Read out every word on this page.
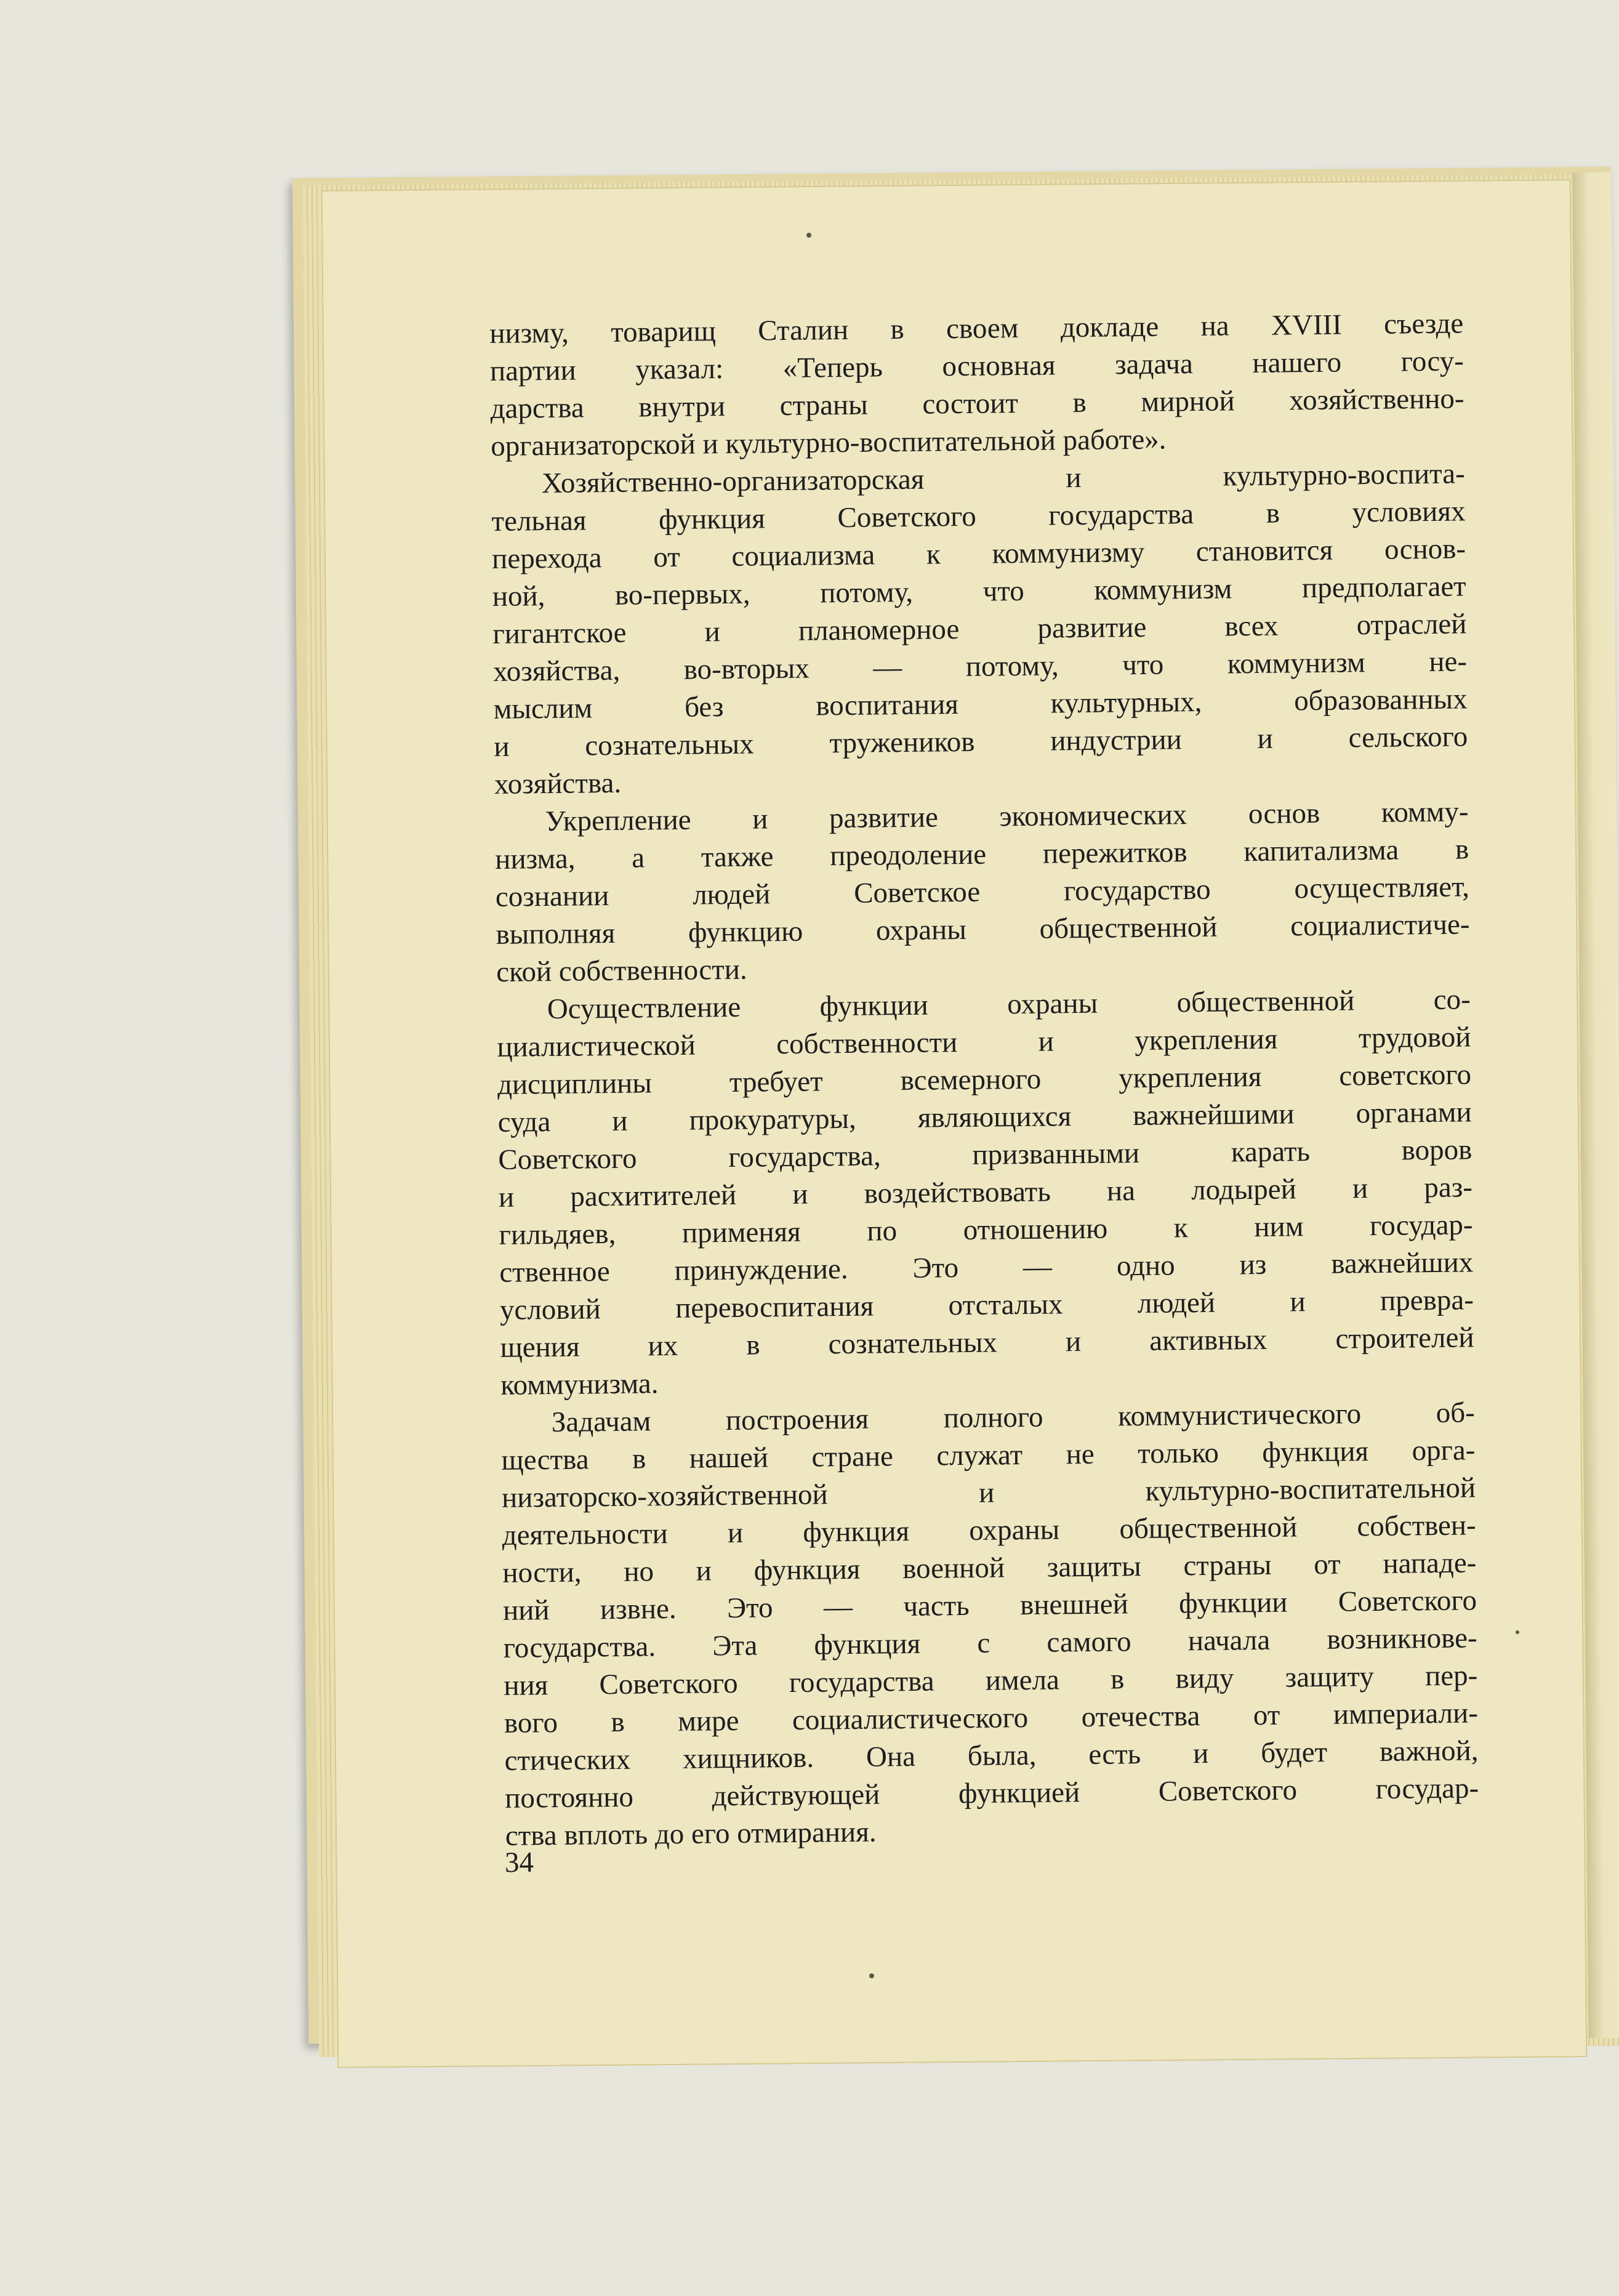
низму, товарищ Сталин в своем докладе на XVIII съезде
партии указал: «Теперь основная задача нашего госу-
дарства внутри страны состоит в мирной хозяйственно-
организаторской и культурно-воспитательной работе».
Хозяйственно-организаторская и культурно-воспита-
тельная функция Советского государства в условиях
перехода от социализма к коммунизму становится основ-
ной, во-первых, потому, что коммунизм предполагает
гигантское и планомерное развитие всех отраслей
хозяйства, во-вторых — потому, что коммунизм не-
мыслим без воспитания культурных, образованных
и сознательных тружеников индустрии и сельского
хозяйства.
Укрепление и развитие экономических основ комму-
низма, а также преодоление пережитков капитализма в
сознании людей Советское государство осуществляет,
выполняя функцию охраны общественной социалистиче-
ской собственности.
Осуществление функции охраны общественной со-
циалистической собственности и укрепления трудовой
дисциплины требует всемерного укрепления советского
суда и прокуратуры, являющихся важнейшими органами
Советского государства, призванными карать воров
и расхитителей и воздействовать на лодырей и раз-
гильдяев, применяя по отношению к ним государ-
ственное принуждение. Это — одно из важнейших
условий перевоспитания отсталых людей и превра-
щения их в сознательных и активных строителей
коммунизма.
Задачам построения полного коммунистического об-
щества в нашей стране служат не только функция орга-
низаторско-хозяйственной и культурно-воспитательной
деятельности и функция охраны общественной собствен-
ности, но и функция военной защиты страны от нападе-
ний извне. Это — часть внешней функции Советского
государства. Эта функция с самого начала возникнове-
ния Советского государства имела в виду защиту пер-
вого в мире социалистического отечества от империали-
стических хищников. Она была, есть и будет важной,
постоянно действующей функцией Советского государ-
ства вплоть до его отмирания.
34
